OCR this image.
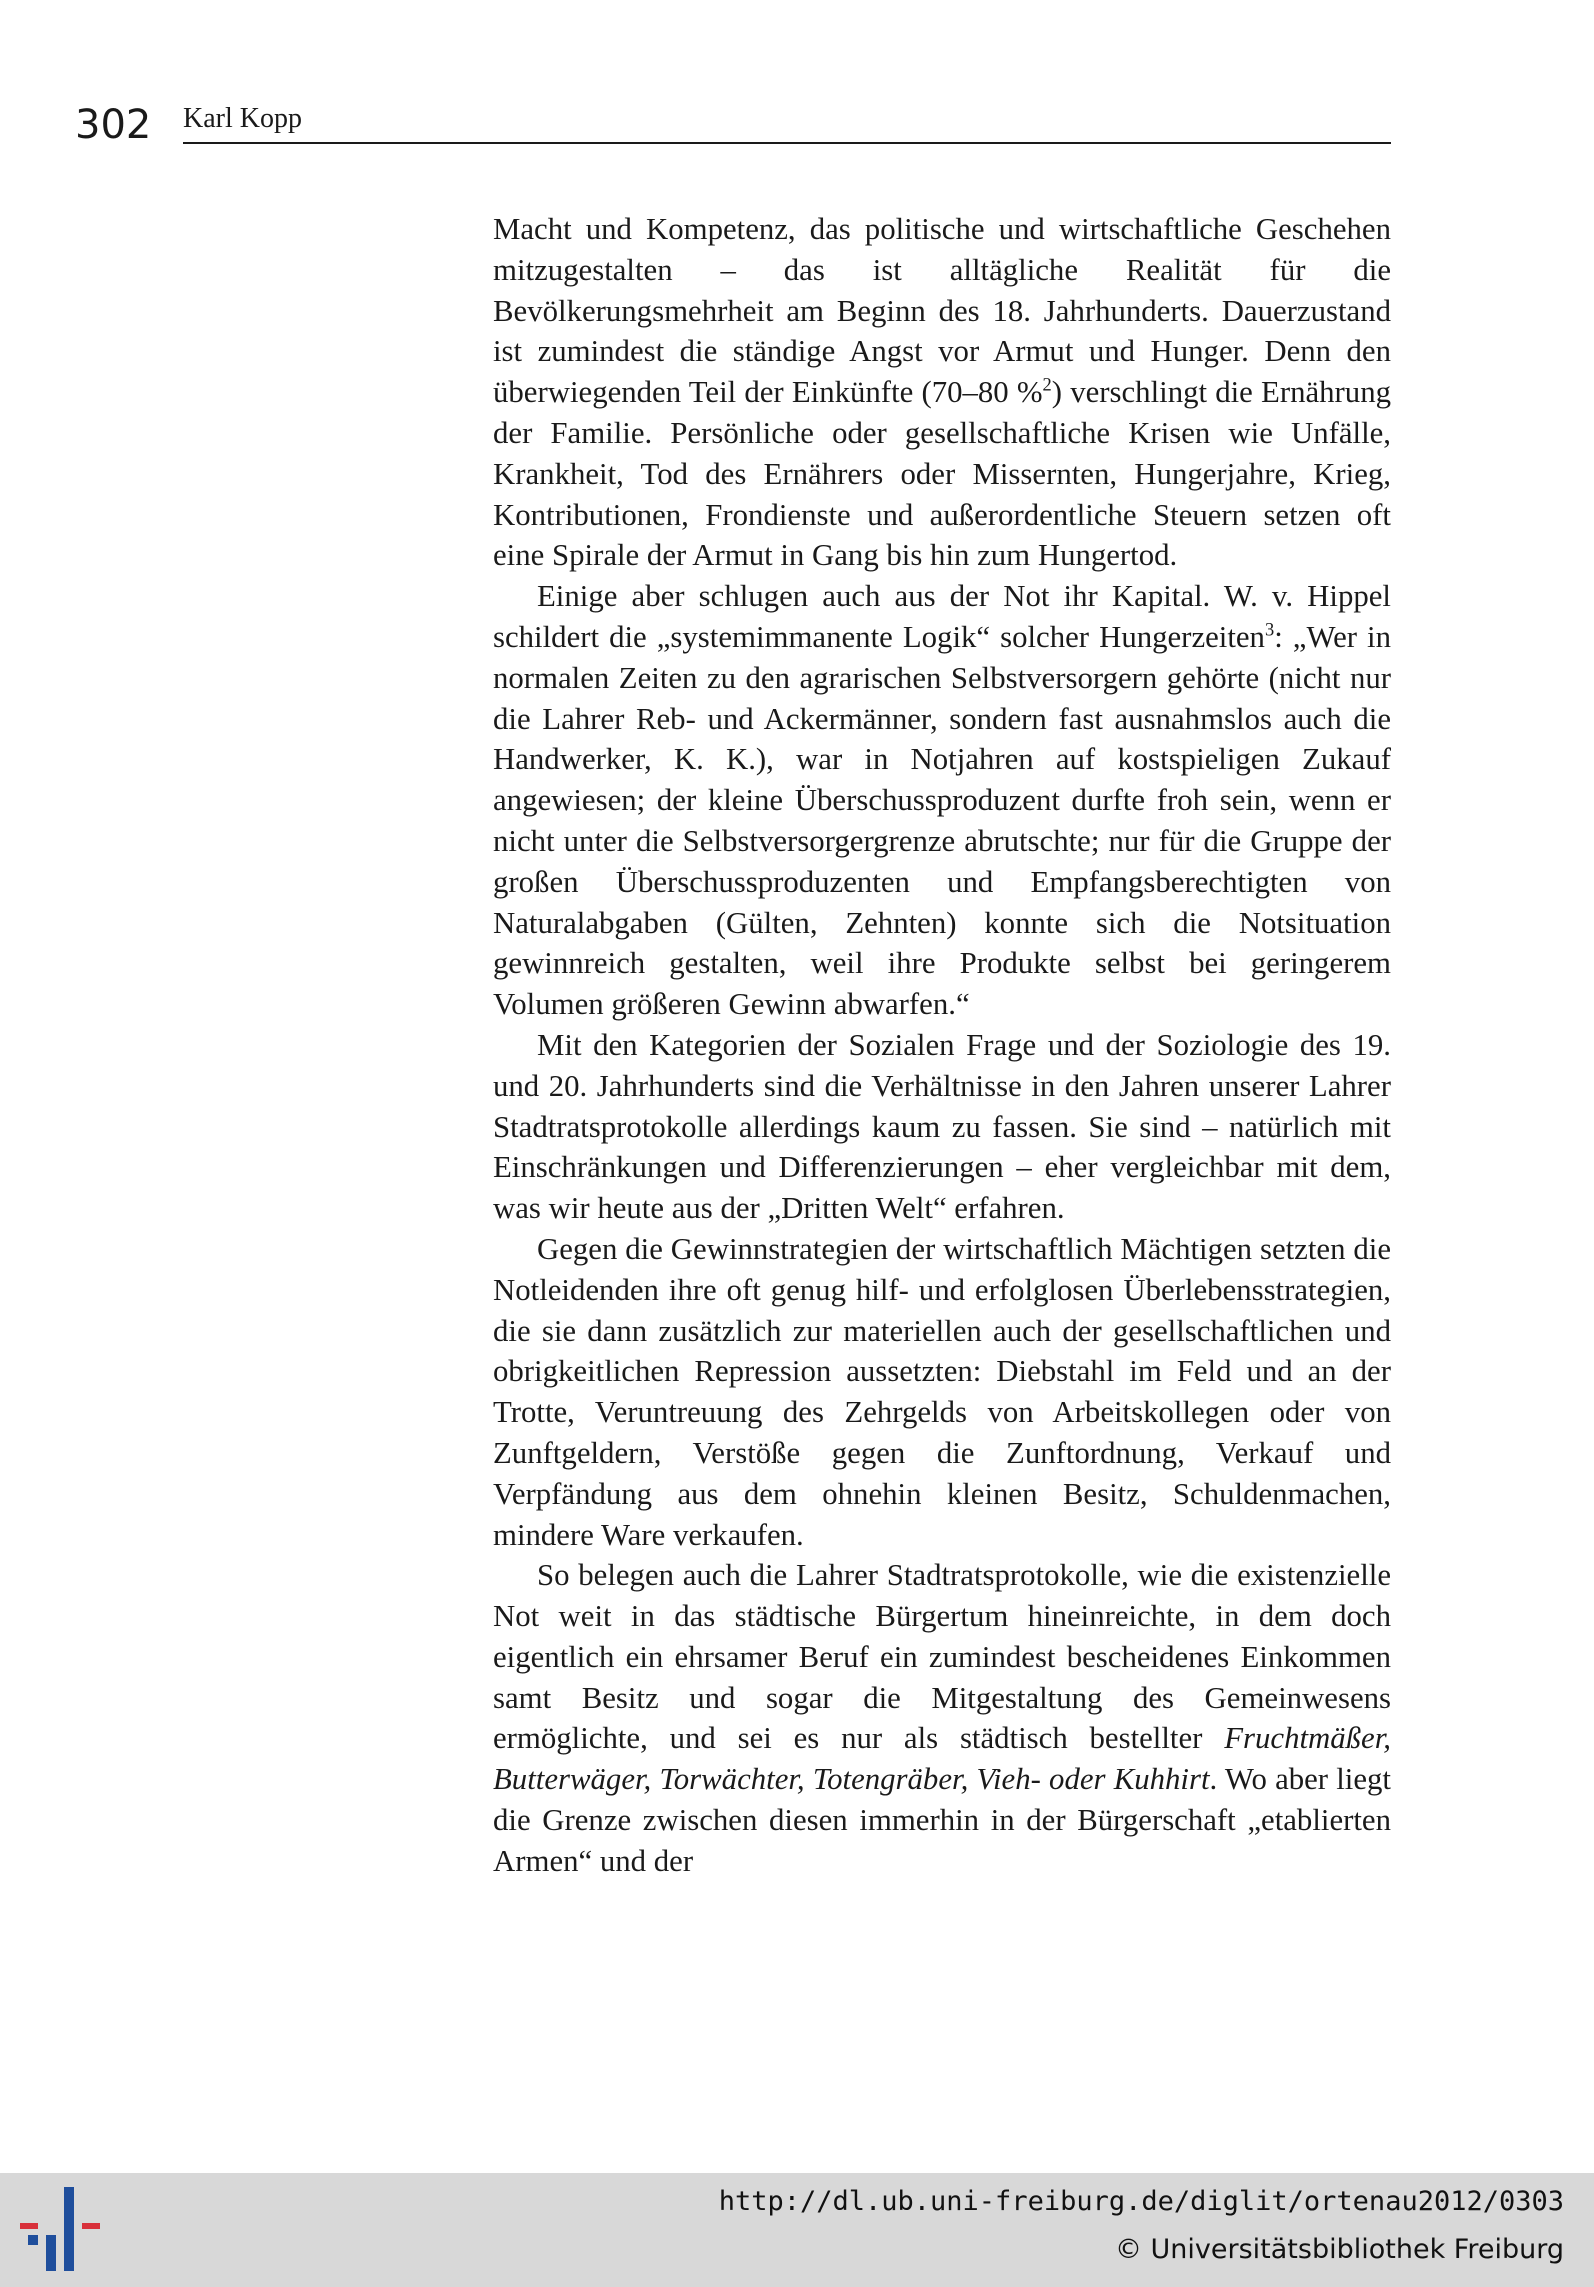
302 Karl Kopp

Macht und Kompetenz, das politische und wirtschaftliche Geschehen mitzugestalten – das ist alltägliche Realität für die Bevölkerungsmehrheit am Beginn des 18. Jahrhunderts. Dauerzustand ist zumindest die ständige Angst vor Armut und Hunger. Denn den überwiegenden Teil der Einkünfte (70–80 %$^2$) verschlingt die Ernährung der Familie. Persönliche oder gesellschaftliche Krisen wie Unfälle, Krankheit, Tod des Ernährers oder Missernten, Hungerjahre, Krieg, Kontributionen, Frondienste und außerordentliche Steuern setzen oft eine Spirale der Armut in Gang bis hin zum Hungertod.

Einige aber schlugen auch aus der Not ihr Kapital. W. v. Hippel schildert die „systemimmanente Logik“ solcher Hungerzeiten$^3$: „Wer in normalen Zeiten zu den agrarischen Selbstversorgern gehörte (nicht nur die Lahrer Reb- und Ackermänner, sondern fast ausnahmslos auch die Handwerker, K. K.), war in Notjahren auf kostspieligen Zukauf angewiesen; der kleine Überschussproduzent durfte froh sein, wenn er nicht unter die Selbstversorgergrenze abrutschte; nur für die Gruppe der großen Überschussproduzenten und Empfangsberechtigten von Naturalabgaben (Gülten, Zehnten) konnte sich die Notsituation gewinnreich gestalten, weil ihre Produkte selbst bei geringerem Volumen größeren Gewinn abwarfen.“

Mit den Kategorien der Sozialen Frage und der Soziologie des 19. und 20. Jahrhunderts sind die Verhältnisse in den Jahren unserer Lahrer Stadtratsprotokolle allerdings kaum zu fassen. Sie sind – natürlich mit Einschränkungen und Differenzierungen – eher vergleichbar mit dem, was wir heute aus der „Dritten Welt“ erfahren.

Gegen die Gewinnstrategien der wirtschaftlich Mächtigen setzten die Notleidenden ihre oft genug hilf- und erfolglosen Überlebensstrategien, die sie dann zusätzlich zur materiellen auch der gesellschaftlichen und obrigkeitlichen Repression aussetzten: Diebstahl im Feld und an der Trotte, Veruntreuung des Zehrgelds von Arbeitskollegen oder von Zunftgeldern, Verstöße gegen die Zunftordnung, Verkauf und Verpfändung aus dem ohnehin kleinen Besitz, Schuldenmachen, mindere Ware verkaufen.

So belegen auch die Lahrer Stadtratsprotokolle, wie die existenzielle Not weit in das städtische Bürgertum hineinreichte, in dem doch eigentlich ein ehrsamer Beruf ein zumindest bescheidenes Einkommen samt Besitz und sogar die Mitgestaltung des Gemeinwesens ermöglichte, und sei es nur als städtisch bestellter Fruchtmäßer, Butterwäger, Torwächter, Totengräber, Vieh- oder Kuhhirt. Wo aber liegt die Grenze zwischen diesen immerhin in der Bürgerschaft „etablierten Armen“ und der

http://dl.ub.uni-freiburg.de/diglit/ortenau2012/0303
© Universitätsbibliothek Freiburg
